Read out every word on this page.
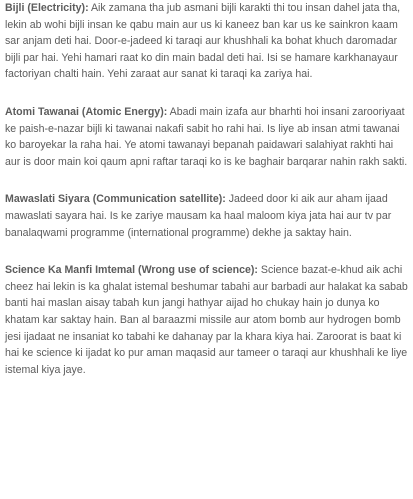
Bijli (Electricity): Aik zamana tha jub asmani bijli karakti thi tou insan dahel jata tha, lekin ab wohi bijli insan ke qabu main aur us ki kaneez ban kar us ke sainkron kaam sar anjam deti hai. Door-e-jadeed ki taraqi aur khushhali ka bohat khuch daromadar bijli par hai. Yehi hamari raat ko din main badal deti hai. Isi se hamare karkhanayaur factoriyan chalti hain. Yehi zaraat aur sanat ki taraqi ka zariya hai.

Atomi Tawanai (Atomic Energy): Abadi main izafa aur bharhti hoi insani zarooriyaat ke paish-e-nazar bijli ki tawanai nakafi sabit ho rahi hai. Is liye ab insan atmi tawanai ko baroyekar la raha hai. Ye atomi tawanayi bepanah paidawari salahiyat rakhti hai aur is door main koi qaum apni raftar taraqi ko is ke baghair barqarar nahin rakh sakti.

Mawaslati Siyara (Communication satellite): Jadeed door ki aik aur aham ijaad mawaslati sayara hai. Is ke zariye mausam ka haal maloom kiya jata hai aur tv par banalaqwami programme (international programme) dekhe ja saktay hain.

Science Ka Manfi Imtemal (Wrong use of science): Science bazat-e-khud aik achi cheez hai lekin is ka ghalat istemal beshumar tabahi aur barbadi aur halakat ka sabab banti hai maslan aisay tabah kun jangi hathyar aijad ho chukay hain jo dunya ko khatam kar saktay hain. Ban al baraazmi missile aur atom bomb aur hydrogen bomb jesi ijadaat ne insaniat ko tabahi ke dahanay par la khara kiya hai. Zaroorat is baat ki hai ke science ki ijadat ko pur aman maqasid aur tameer o taraqi aur khushhali ke liye istemal kiya jaye.
